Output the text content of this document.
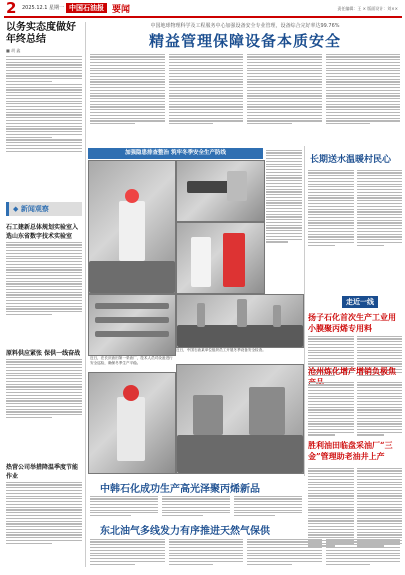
2 2025.12.1 星期一 中国石油报 要闻	责任编辑：王 × 版面设计：刘××
以务实态度做好年终总结
■ 胡 鑫
◆ 新闻观察
石工建新总体规划实验室入选山东省数字技术实验室
原料供应紧张 保供一线奋战
热营公司举措降温季度节能作业
中国地球物理科学及工程服务中心加强设备安全专业管理，设备综合完好率达99.76%
精益管理保障设备本质安全
加强隐患排查整治 筑牢冬季安全生产防线
近日，在长庆油田第一采油厂，技术人员对设备进行安全巡检，确保冬季生产平稳。
近日，中国石油某单位组织员工开展冬季设备安全检查。
中韩石化成功生产高光泽聚丙烯新品
东北油气多线发力有序推进天然气保供
长期送水温暖村民心
走近一线
扬子石化首次生产工业用小膜聚丙烯专用料
沧州炼化增产增销负极焦
胜利油田临盘采油厂“三金”管理助老油井上产
